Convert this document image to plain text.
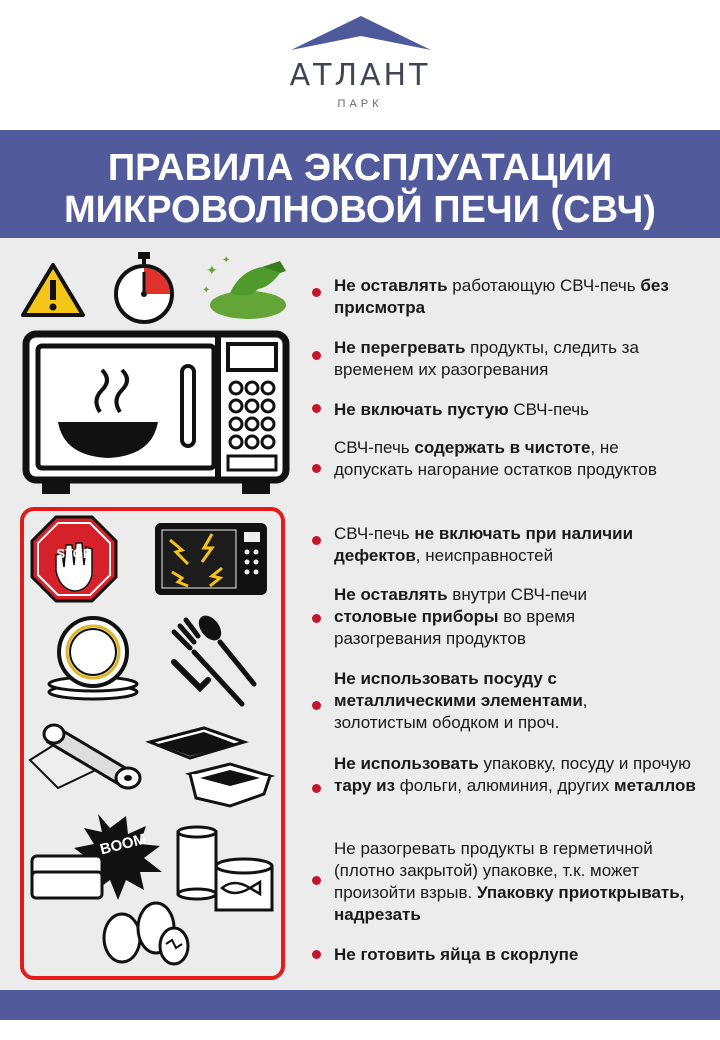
АТЛАНТ
ПАРК
ПРАВИЛА ЭКСПЛУАТАЦИИ
МИКРОВОЛНОВОЙ ПЕЧИ (СВЧ)
✦
✦
✦
STOP
BOOM
Не оставлять работающую СВЧ-печь без присмотра
Не перегревать продукты, следить за временем их разогревания
Не включать пустую СВЧ-печь
СВЧ-печь содержать в чистоте, не допускать нагорание остатков продуктов
СВЧ-печь не включать при наличии дефектов, неисправностей
Не оставлять внутри СВЧ-печи столовые приборы во время разогревания продуктов
Не использовать посуду с металлическими элементами, золотистым ободком и проч.
Не использовать упаковку, посуду и прочую тару из фольги, алюминия, других металлов
Не разогревать продукты в герметичной (плотно закрытой) упаковке, т.к. может произойти взрыв. Упаковку приоткрывать, надрезать
Не готовить яйца в скорлупе
